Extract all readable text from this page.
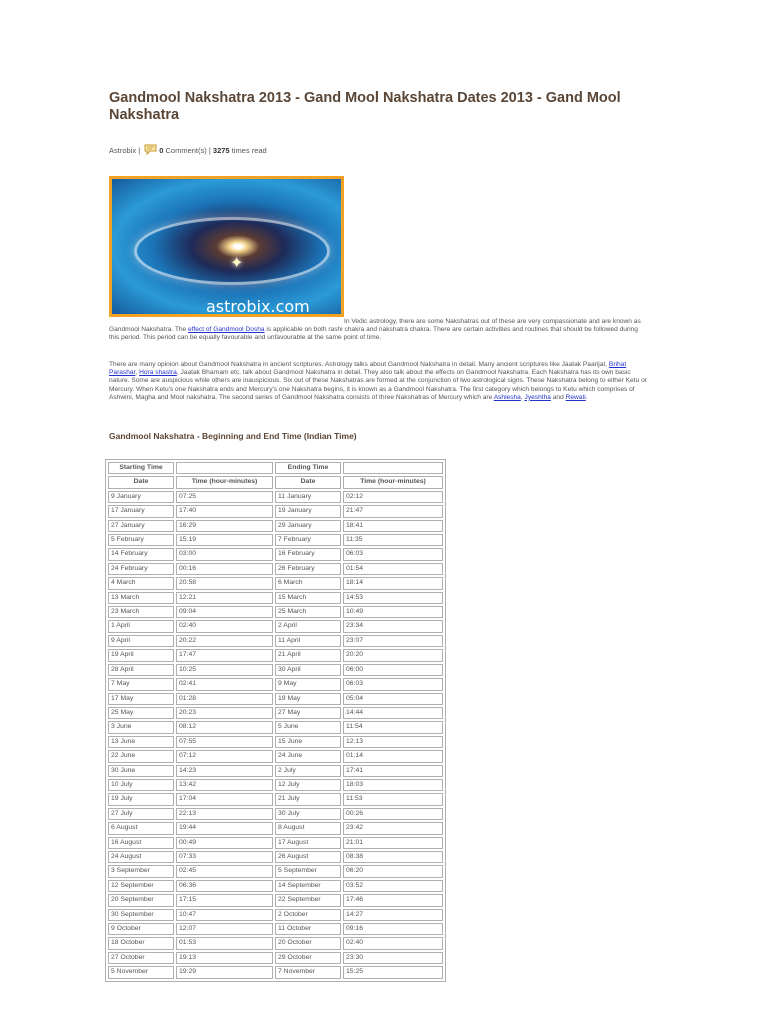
Gandmool Nakshatra 2013 - Gand Mool Nakshatra Dates 2013 - Gand Mool Nakshatra
Astrobix |	0 Comment(s) | 3275 times read
✦
astrobix.com

In Vedic astrology, there are some Nakshatras out of these are very compassionate and are known as Gandmool Nakshatra. The effect of Gandmool Dosha is applicable on both rashi chakra and nakshatra chakra. There are certain activities and routines that should be followed during this period. This period can be equally favourable and unfavourable at the same point of time.

There are many opinion about Gandmool Nakshatra in ancient scriptures. Astrology talks about Gandmool Nakshatra in detail. Many ancient scriptures like Jaatak Paarijat, Brihat Parashar, Hora shastra, Jaatak Bharnam etc. talk about Gandmool Nakshatra in detail. They also talk about the effects on Gandmool Nakshatra. Each Nakshatra has its own basic nature. Some are auspicious while others are inauspicious. Six out of these Nakshatras are formed at the conjunction of two astrological signs. These Nakshatra belong to either Ketu or Mercury. When Ketu's one Nakshatra ends and Mercury's one Nakshatra begins, it is known as a Gandmool Nakshatra. The first category which belongs to Ketu which comprises of Ashwini, Magha and Mool nakshatra. The second series of Gandmool Nakshatra consists of three Nakshatras of Mercury which are Ashlesha, Jyeshtha and Rewati.

Gandmool Nakshatra - Beginning and End Time (Indian Time)
Starting Time		Ending Time	
Date	Time (hour-minutes)	Date	Time (hour-minutes)
9 January	07:25	11 January	02:12
17 January	17:40	19 January	21:47
27 January	16:29	29 January	18:41
5 February	15:19	7 February	11:35
14 February	03:00	16 February	06:03
24 February	00:16	26 February	01:54
4 March	20:58	6 March	18:14
13 March	12:21	15 March	14:53
23 March	09:04	25 March	10:49
1 April	02:40	2 April	23:34
9 April	20:22	11 April	23:07
19 April	17:47	21 April	20:20
28 April	10:25	30 April	06:00
7 May	02:41	9 May	06:03
17 May	01:28	19 May	05:04
25 May	20:23	27 May	14:44
3 June	08:12	5 June	11:54
13 June	07:55	15 June	12:13
22 June	07:12	24 June	01:14
30 June	14:23	2 July	17:41
10 July	13:42	12 July	18:03
19 July	17:04	21 July	11:53
27 July	22:13	30 July	00:26
6 August	19:44	8 August	23:42
16 August	00:49	17 August	21:01
24 August	07:33	26 August	08:38
3 September	02:45	5 September	06:20
12 September	06:36	14 September	03:52
20 September	17:15	22 September	17:46
30 September	10:47	2 October	14:27
9 October	12:07	11 October	09:16
18 October	01:53	20 October	02:40
27 October	19:13	29 October	23:30
5 November	19:29	7 November	15:25
